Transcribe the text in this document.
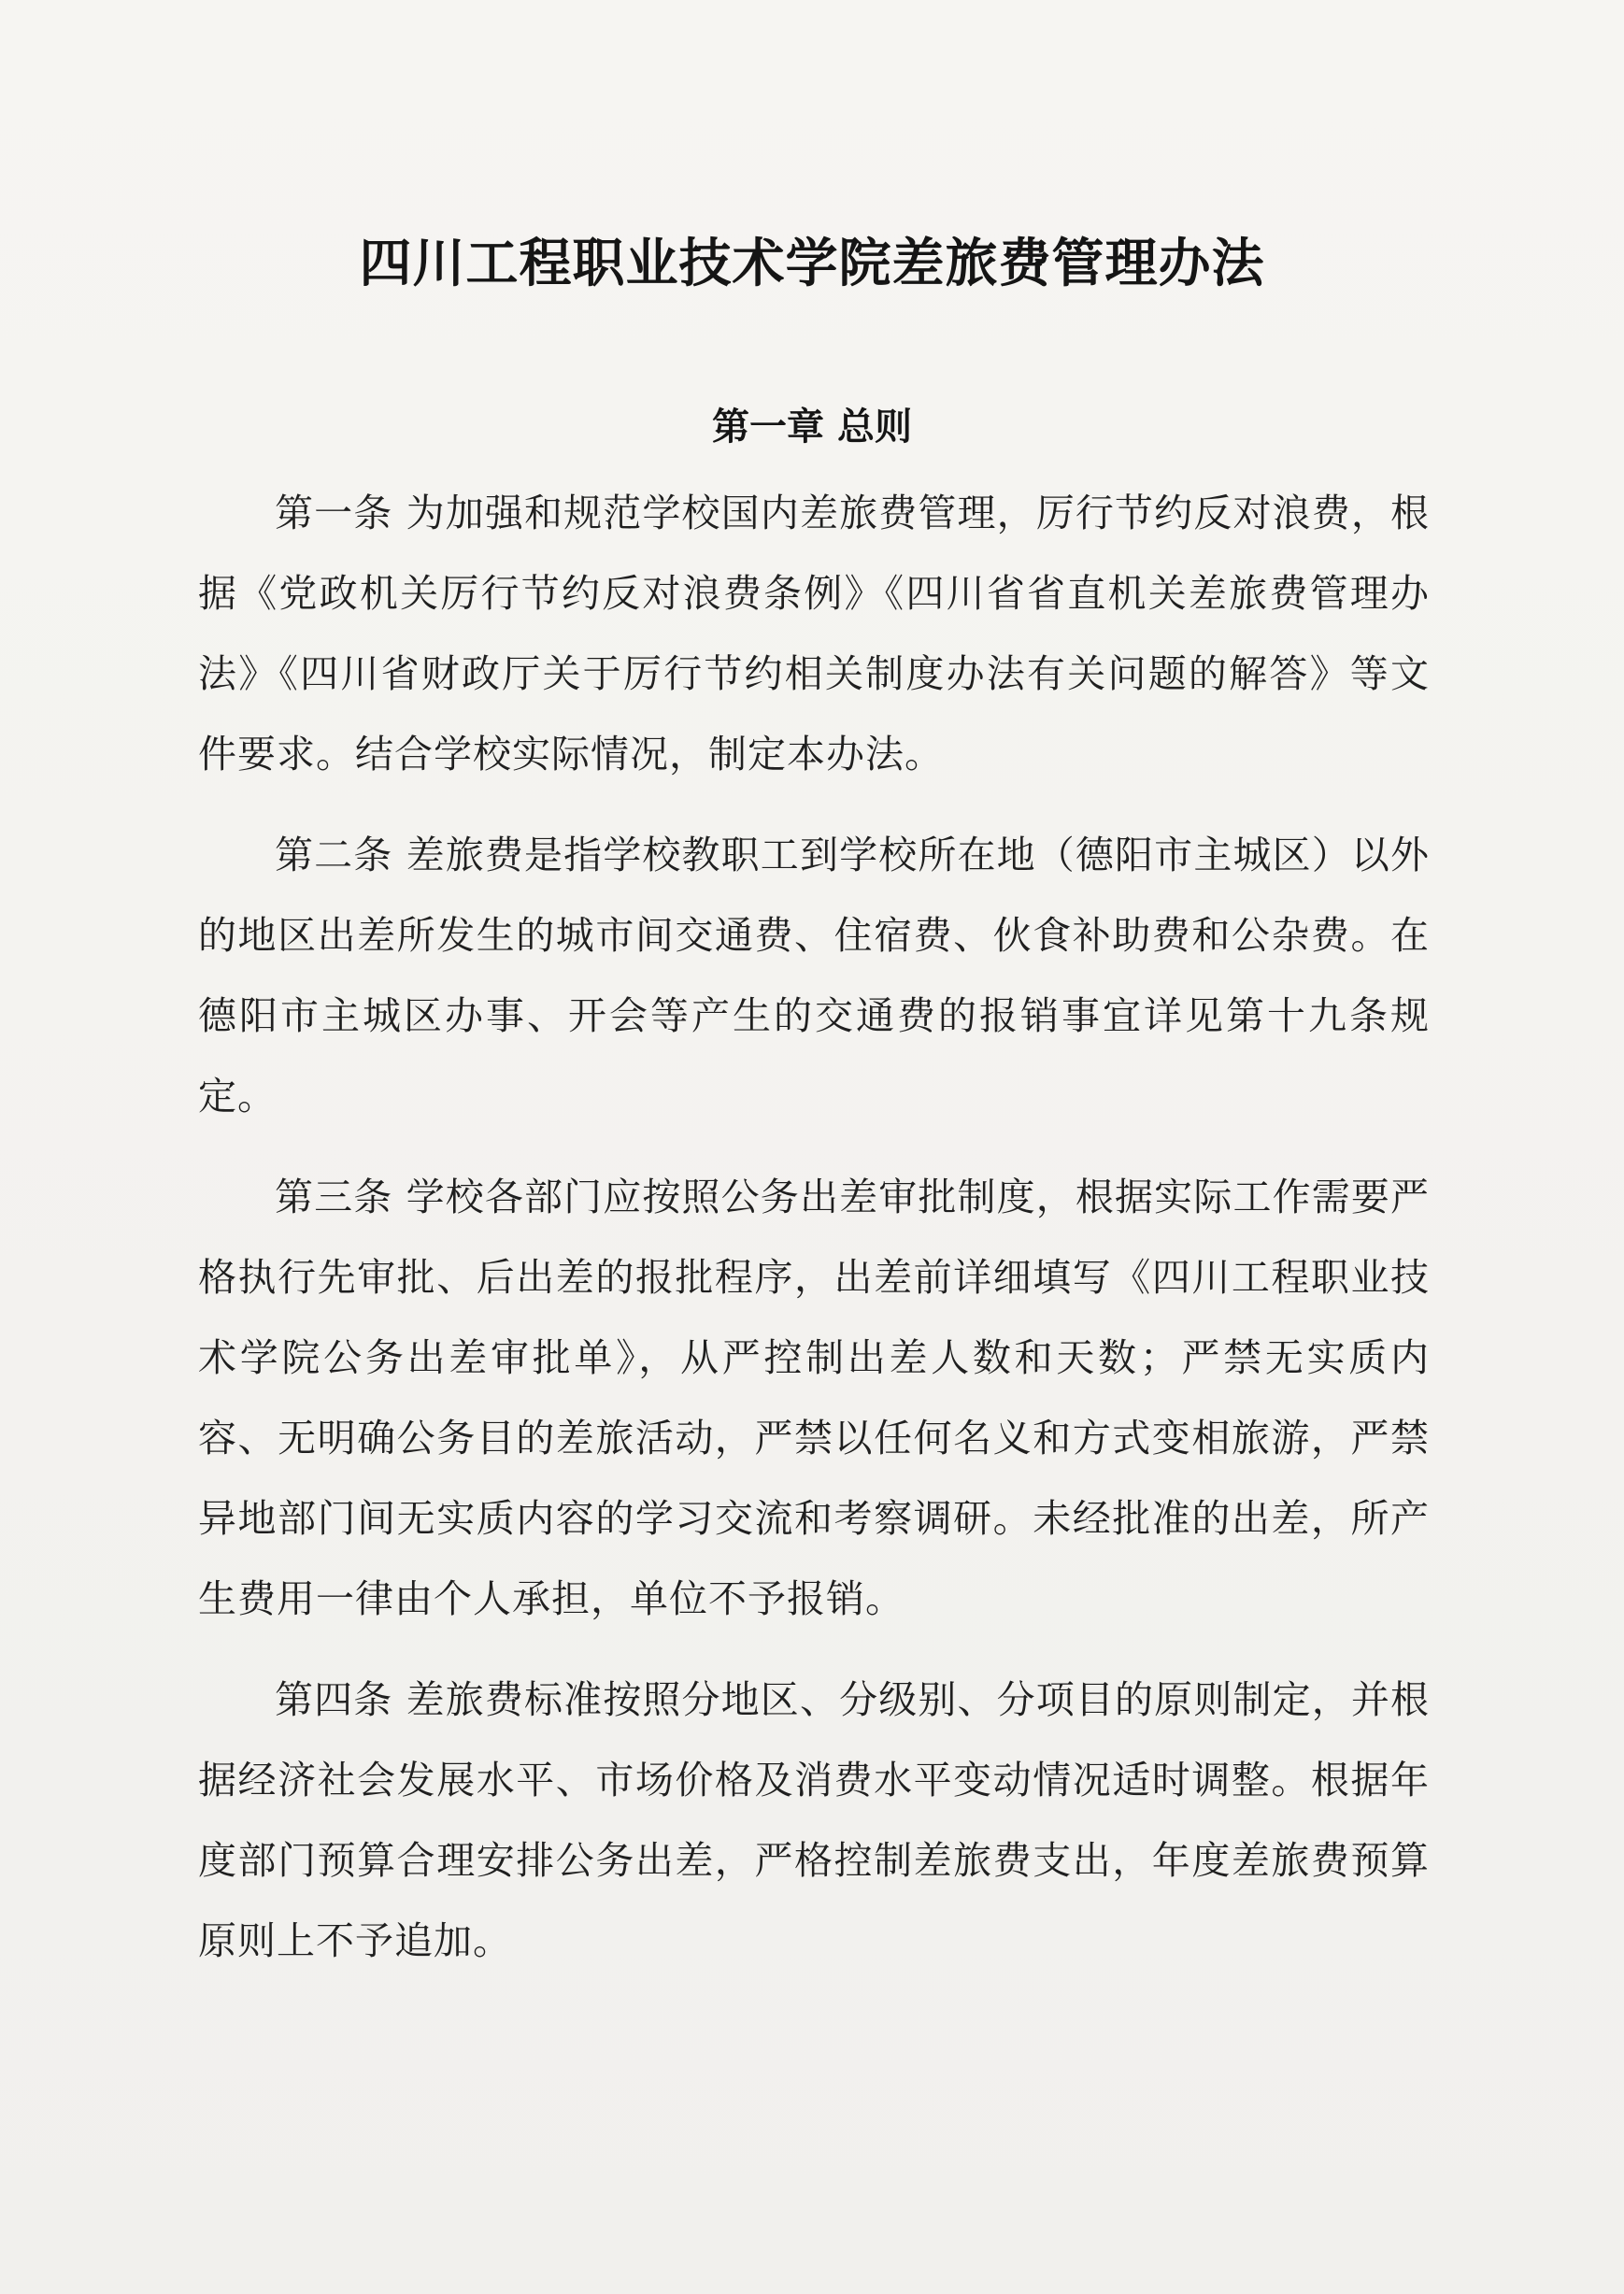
四川工程职业技术学院差旅费管理办法
第一章 总则

第一条 为加强和规范学校国内差旅费管理，厉行节约反对浪费，根据《党政机关厉行节约反对浪费条例》《四川省省直机关差旅费管理办法》《四川省财政厅关于厉行节约相关制度办法有关问题的解答》等文件要求。结合学校实际情况，制定本办法。

第二条 差旅费是指学校教职工到学校所在地（德阳市主城区）以外的地区出差所发生的城市间交通费、住宿费、伙食补助费和公杂费。在德阳市主城区办事、开会等产生的交通费的报销事宜详见第十九条规定。

第三条 学校各部门应按照公务出差审批制度，根据实际工作需要严格执行先审批、后出差的报批程序，出差前详细填写《四川工程职业技术学院公务出差审批单》，从严控制出差人数和天数；严禁无实质内容、无明确公务目的差旅活动，严禁以任何名义和方式变相旅游，严禁异地部门间无实质内容的学习交流和考察调研。未经批准的出差，所产生费用一律由个人承担，单位不予报销。

第四条 差旅费标准按照分地区、分级别、分项目的原则制定，并根据经济社会发展水平、市场价格及消费水平变动情况适时调整。根据年度部门预算合理安排公务出差，严格控制差旅费支出，年度差旅费预算原则上不予追加。
